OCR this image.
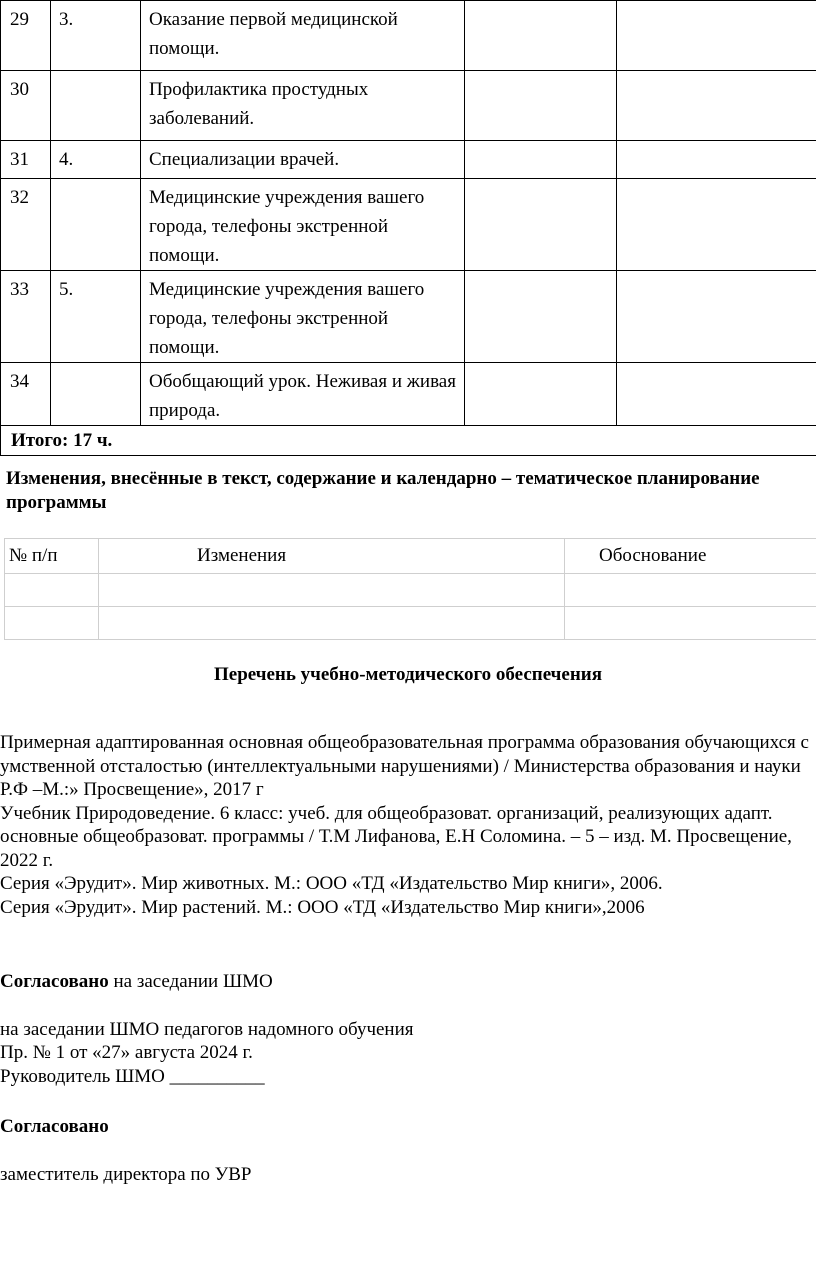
29	3.	Оказание первой медицинской помощи.		
30		Профилактика простудных заболеваний.		
31	4.	Специализации врачей.		
32		Медицинские учреждения вашего города, телефоны экстренной помощи.		
33	5.	Медицинские учреждения вашего города, телефоны экстренной помощи.		
34		Обобщающий урок. Неживая и живая природа.		
Итого: 17 ч.				
Изменения, внесённые в текст, содержание и календарно – тематическое планирование программы
№ п/п	Изменения	Обоснование

Перечень учебно-методического обеспечения

Примерная адаптированная основная общеобразовательная программа образования обучающихся с умственной отсталостью (интеллектуальными нарушениями) / Министерства образования и науки Р.Ф –М.:» Просвещение», 2017 г

Учебник Природоведение. 6 класс: учеб. для общеобразоват. организаций, реализующих адапт. основные общеобразоват. программы / Т.М Лифанова, Е.Н Соломина. – 5 – изд. М. Просвещение, 2022 г.

Серия «Эрудит». Мир животных. М.: ООО «ТД «Издательство Мир книги», 2006.

Серия «Эрудит». Мир растений. М.: ООО «ТД «Издательство Мир книги»,2006

Согласовано на заседании ШМО

на заседании ШМО педагогов надомного обучения

Пр. № 1 от «27» августа 2024 г.

Руководитель ШМО __________

Согласовано

заместитель директора по УВР
